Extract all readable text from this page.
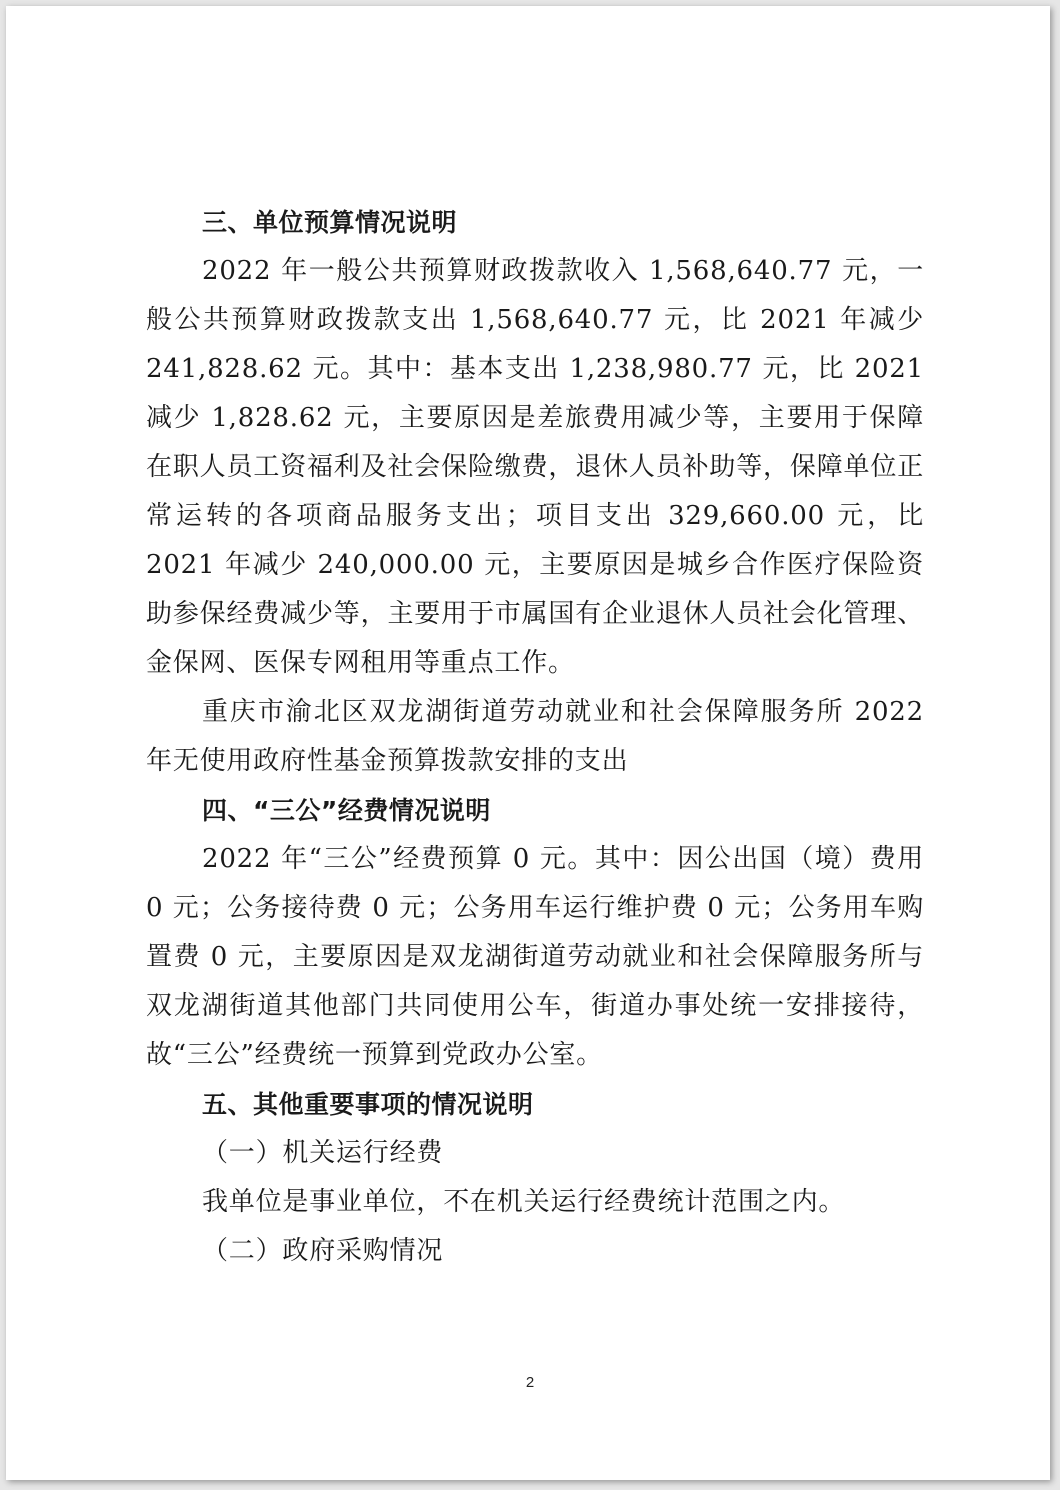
三、单位预算情况说明

2022 年一般公共预算财政拨款收入 1,568,640.77 元，一般公共预算财政拨款支出 1,568,640.77 元，比 2021 年减少 241,828.62 元。其中：基本支出 1,238,980.77 元，比 2021 减少 1,828.62 元，主要原因是差旅费用减少等，主要用于保障在职人员工资福利及社会保险缴费，退休人员补助等，保障单位正常运转的各项商品服务支出；项目支出 329,660.00 元，比 2021 年减少 240,000.00 元，主要原因是城乡合作医疗保险资助参保经费减少等，主要用于市属国有企业退休人员社会化管理、金保网、医保专网租用等重点工作。

重庆市渝北区双龙湖街道劳动就业和社会保障服务所 2022 年无使用政府性基金预算拨款安排的支出

四、“三公”经费情况说明

2022 年“三公”经费预算 0 元。其中：因公出国（境）费用 0 元；公务接待费 0 元；公务用车运行维护费 0 元；公务用车购置费 0 元，主要原因是双龙湖街道劳动就业和社会保障服务所与双龙湖街道其他部门共同使用公车，街道办事处统一安排接待，故“三公”经费统一预算到党政办公室。

五、其他重要事项的情况说明

（一）机关运行经费

我单位是事业单位，不在机关运行经费统计范围之内。

（二）政府采购情况

2
